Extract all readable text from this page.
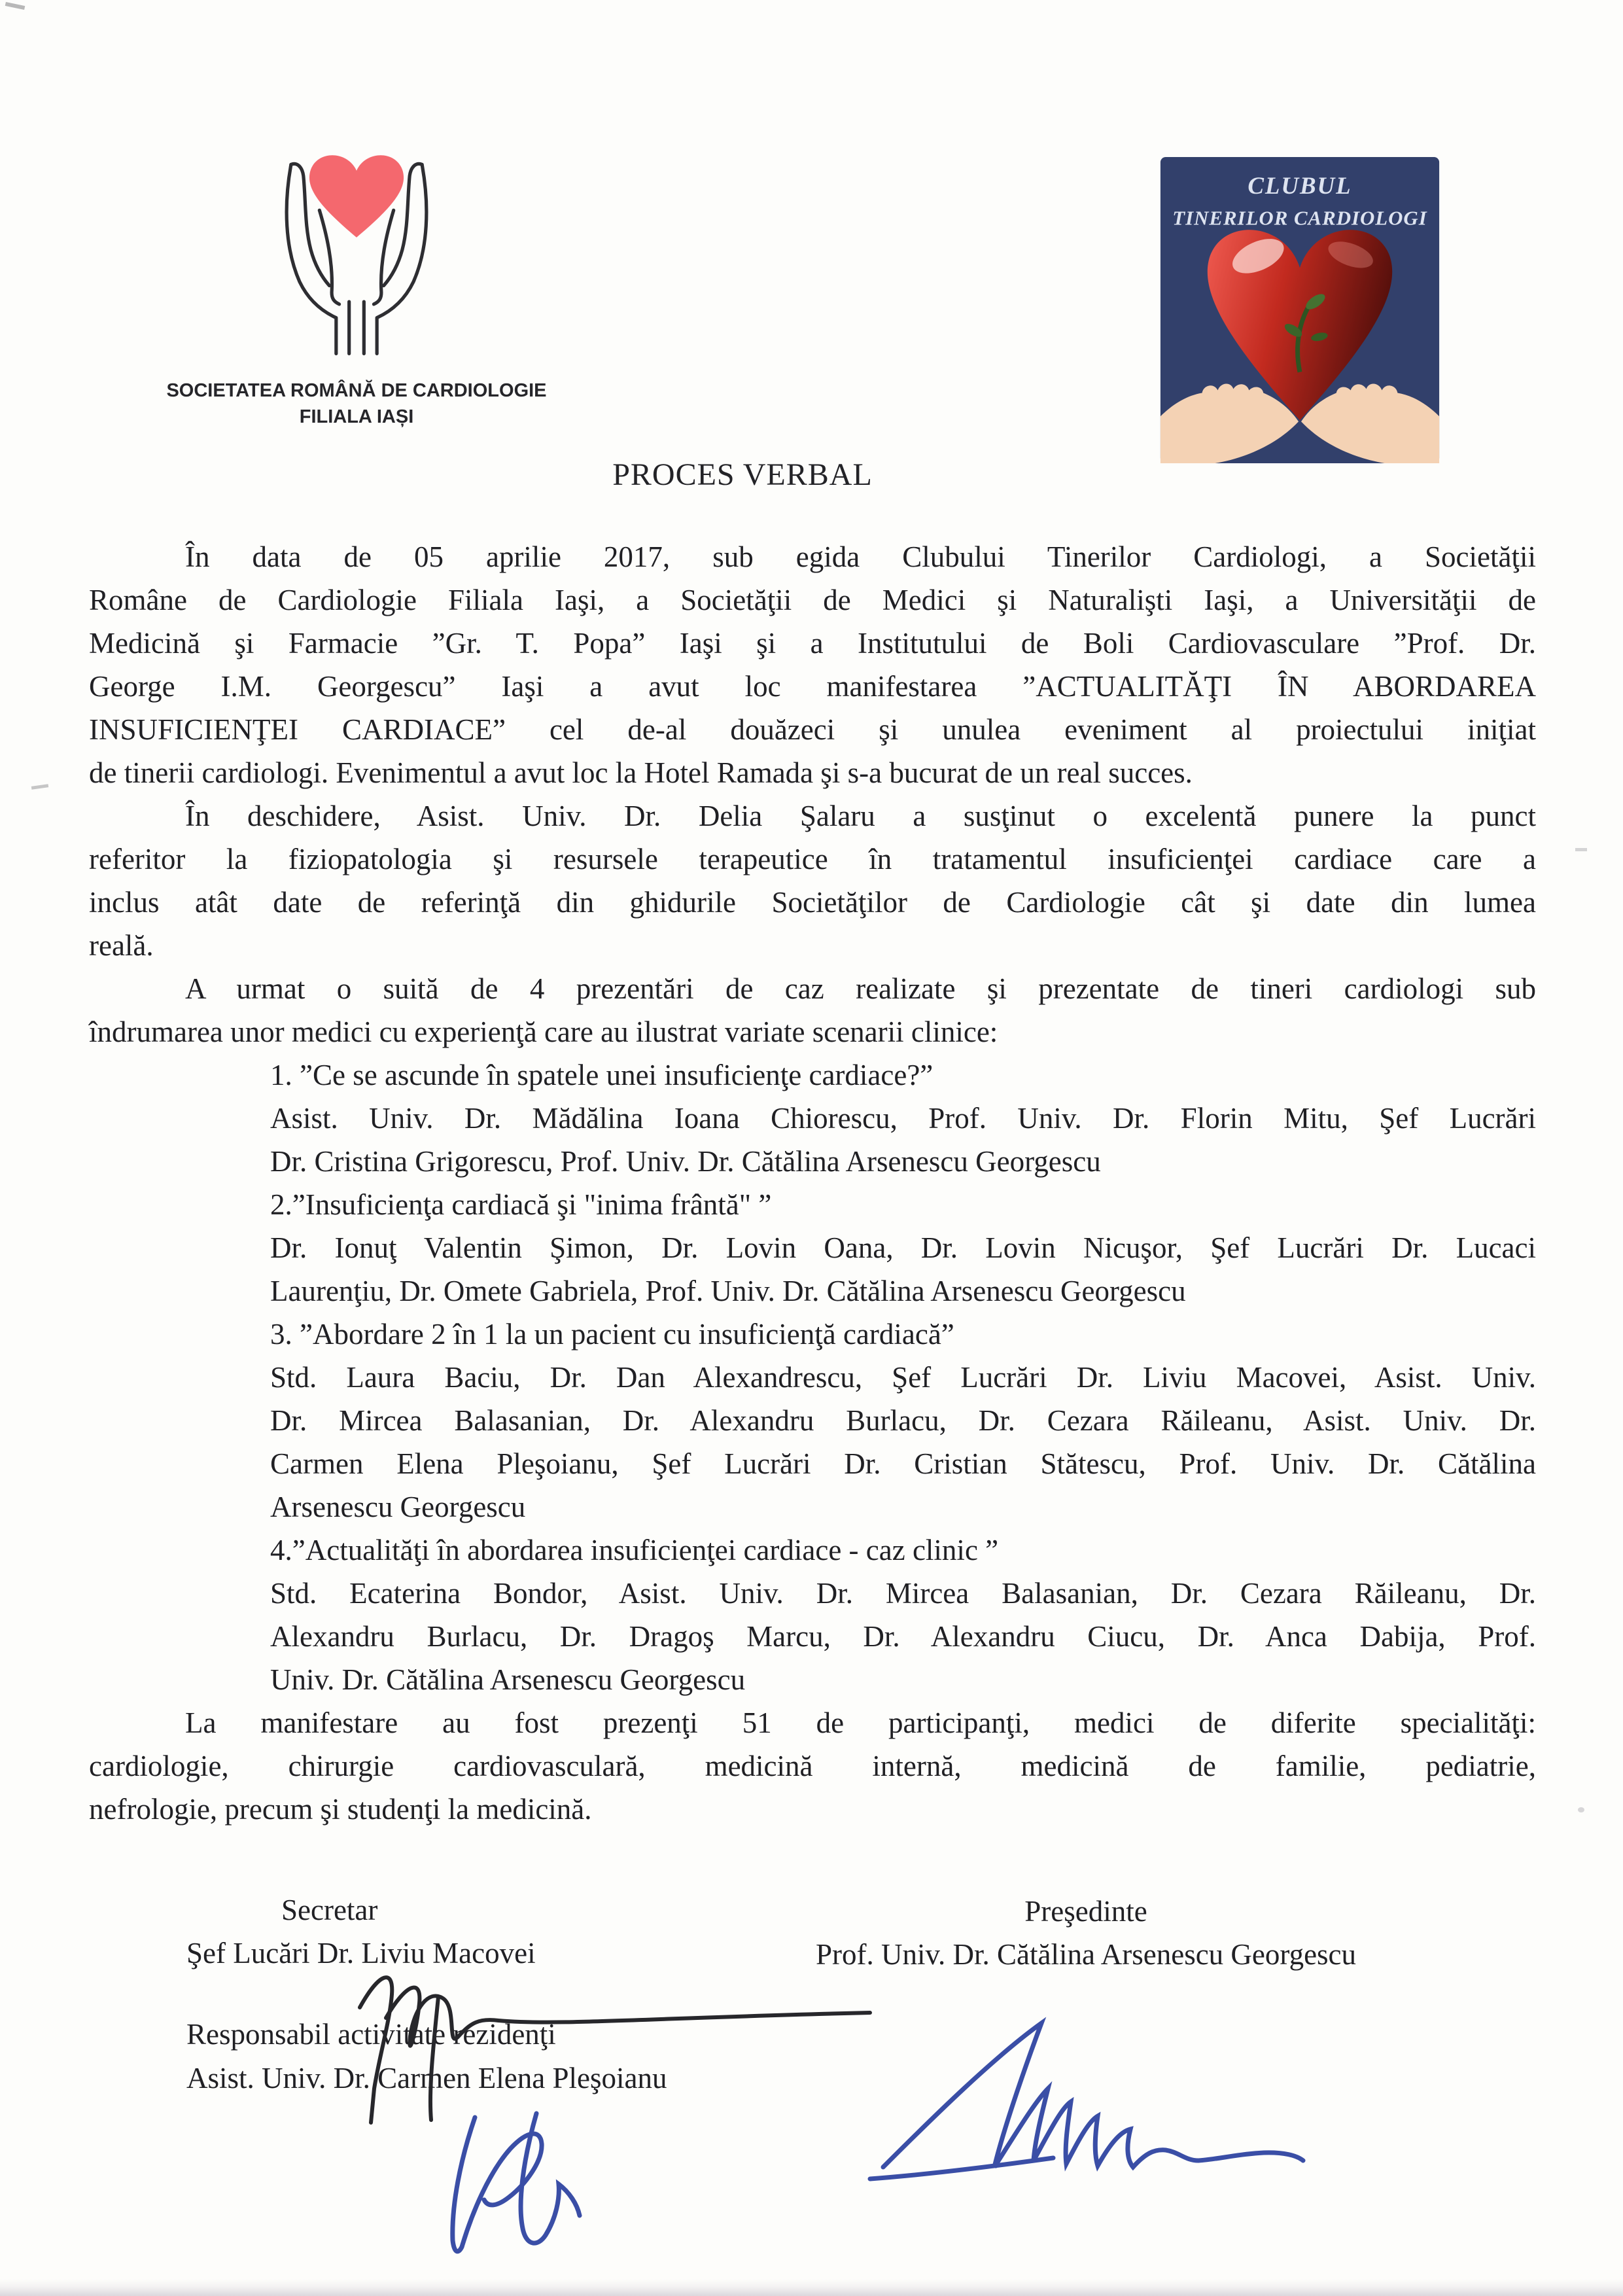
SOCIETATEA ROMÂNĂ DE CARDIOLOGIE
FILIALA IAȘI
CLUBUL
TINERILOR CARDIOLOGI
PROCES VERBAL
În data de 05 aprilie 2017, sub egida Clubului Tinerilor Cardiologi, a Societăţii
Române de Cardiologie Filiala Iaşi, a Societăţii de Medici şi Naturalişti Iaşi, a Universităţii de
Medicină şi Farmacie ”Gr. T. Popa” Iaşi şi a Institutului de Boli Cardiovasculare ”Prof. Dr.
George I.M. Georgescu” Iaşi a avut loc manifestarea ”ACTUALITĂŢI ÎN ABORDAREA
INSUFICIENŢEI CARDIACE” cel de-al douăzeci şi unulea eveniment al proiectului iniţiat
de tinerii cardiologi. Evenimentul a avut loc la Hotel Ramada şi s-a bucurat de un real succes.
În deschidere, Asist. Univ. Dr. Delia Şalaru a susţinut o excelentă punere la punct
referitor la fiziopatologia şi resursele terapeutice în tratamentul insuficienţei cardiace care a
inclus atât date de referinţă din ghidurile Societăţilor de Cardiologie cât şi date din lumea
reală.
A urmat o suită de 4 prezentări de caz realizate şi prezentate de tineri cardiologi sub
îndrumarea unor medici cu experienţă care au ilustrat variate scenarii clinice:
1. ”Ce se ascunde în spatele unei insuficienţe cardiace?”
Asist. Univ. Dr. Mădălina Ioana Chiorescu, Prof. Univ. Dr. Florin Mitu, Şef Lucrări
Dr. Cristina Grigorescu, Prof. Univ. Dr. Cătălina Arsenescu Georgescu
2.”Insuficienţa cardiacă şi "inima frântă" ”
Dr. Ionuţ Valentin Şimon, Dr. Lovin Oana, Dr. Lovin Nicuşor, Şef Lucrări Dr. Lucaci
Laurenţiu, Dr. Omete Gabriela, Prof. Univ. Dr. Cătălina Arsenescu Georgescu
3. ”Abordare 2 în 1 la un pacient cu insuficienţă cardiacă”
Std. Laura Baciu, Dr. Dan Alexandrescu, Şef Lucrări Dr. Liviu Macovei, Asist. Univ.
Dr. Mircea Balasanian, Dr. Alexandru Burlacu, Dr. Cezara Răileanu, Asist. Univ. Dr.
Carmen Elena Pleşoianu, Şef Lucrări Dr. Cristian Stătescu, Prof. Univ. Dr. Cătălina
Arsenescu Georgescu
4.”Actualităţi în abordarea insuficienţei cardiace - caz clinic ”
Std. Ecaterina Bondor, Asist. Univ. Dr. Mircea Balasanian, Dr. Cezara Răileanu, Dr.
Alexandru Burlacu, Dr. Dragoş Marcu, Dr. Alexandru Ciucu, Dr. Anca Dabija, Prof.
Univ. Dr. Cătălina Arsenescu Georgescu
La manifestare au fost prezenţi 51 de participanţi, medici de diferite specialităţi:
cardiologie, chirurgie cardiovasculară, medicină internă, medicină de familie, pediatrie,
nefrologie, precum şi studenţi la medicină.
Secretar
Şef Lucări Dr. Liviu Macovei
Preşedinte
Prof. Univ. Dr. Cătălina Arsenescu Georgescu
Responsabil activitate rezidenţi
Asist. Univ. Dr. Carmen Elena Pleşoianu
